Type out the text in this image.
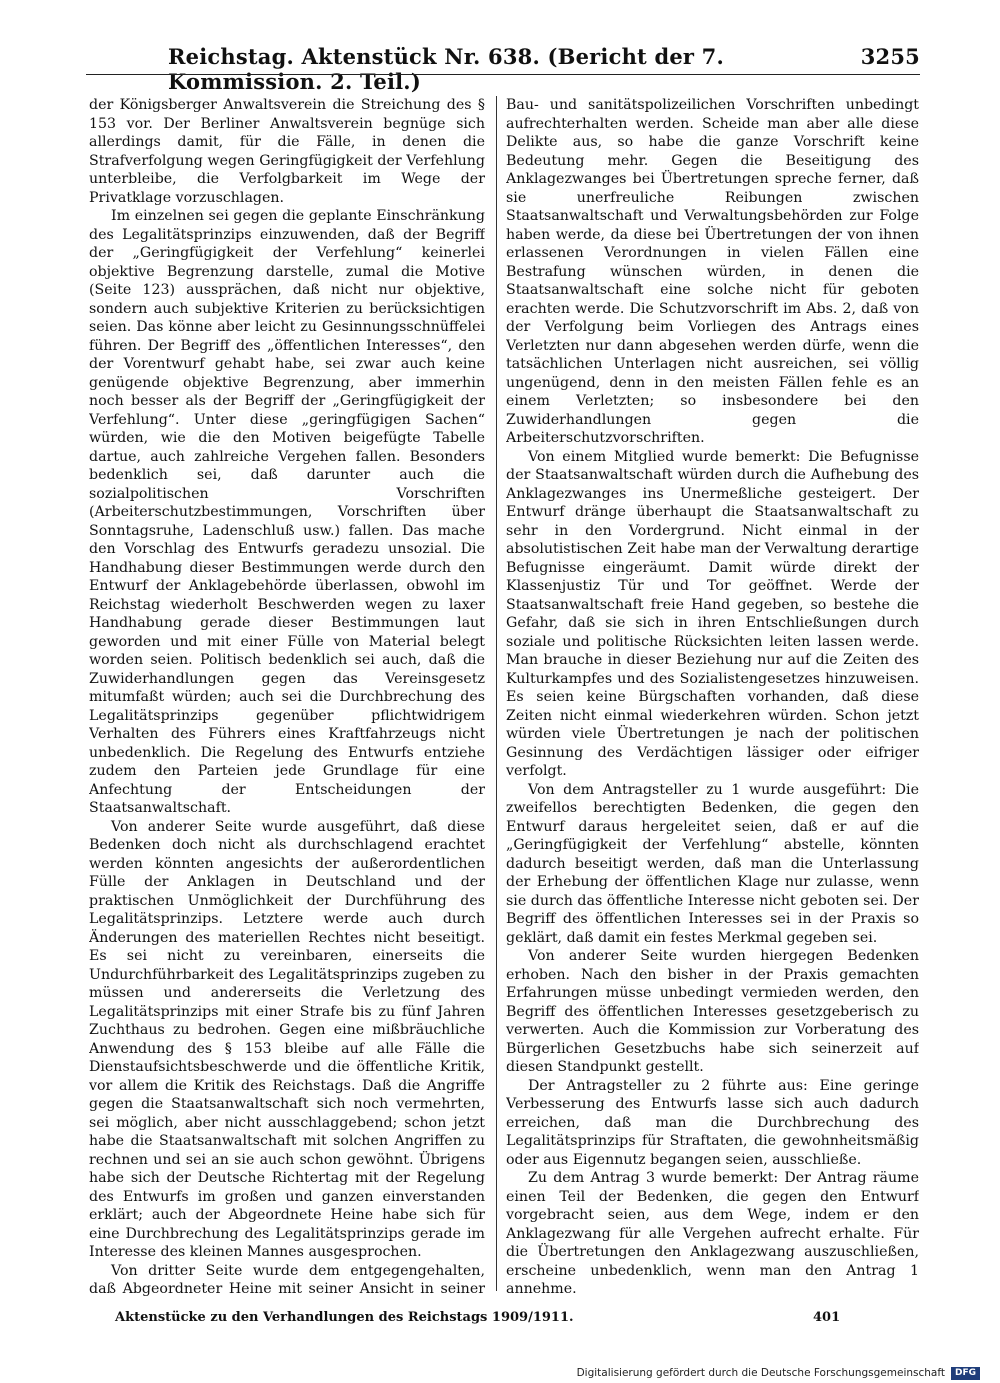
Reichstag. Aktenstück Nr. 638. (Bericht der 7. Kommission. 2. Teil.)
3255

der Königsberger Anwaltsverein die Streichung des § 153 vor. Der Berliner Anwaltsverein begnüge sich allerdings damit, für die Fälle, in denen die Strafverfolgung wegen Geringfügigkeit der Verfehlung unterbleibe, die Verfolgbarkeit im Wege der Privatklage vorzuschlagen.

Im einzelnen sei gegen die geplante Einschränkung des Legalitätsprinzips einzuwenden, daß der Begriff der „Geringfügigkeit der Verfehlung“ keinerlei objektive Begrenzung darstelle, zumal die Motive (Seite 123) aussprächen, daß nicht nur objektive, sondern auch subjektive Kriterien zu berücksichtigen seien. Das könne aber leicht zu Gesinnungsschnüffelei führen. Der Begriff des „öffentlichen Interesses“, den der Vorentwurf gehabt habe, sei zwar auch keine genügende objektive Begrenzung, aber immerhin noch besser als der Begriff der „Geringfügigkeit der Verfehlung“. Unter diese „geringfügigen Sachen“ würden, wie die den Motiven beigefügte Tabelle dartue, auch zahlreiche Vergehen fallen. Besonders bedenklich sei, daß darunter auch die sozialpolitischen Vorschriften (Arbeiterschutzbestimmungen, Vorschriften über Sonntagsruhe, Ladenschluß usw.) fallen. Das mache den Vorschlag des Entwurfs geradezu unsozial. Die Handhabung dieser Bestimmungen werde durch den Entwurf der Anklagebehörde überlassen, obwohl im Reichstag wiederholt Beschwerden wegen zu laxer Handhabung gerade dieser Bestimmungen laut geworden und mit einer Fülle von Material belegt worden seien. Politisch bedenklich sei auch, daß die Zuwiderhandlungen gegen das Vereinsgesetz mitumfaßt würden; auch sei die Durchbrechung des Legalitätsprinzips gegenüber pflichtwidrigem Verhalten des Führers eines Kraftfahrzeugs nicht unbedenklich. Die Regelung des Entwurfs entziehe zudem den Parteien jede Grundlage für eine Anfechtung der Entscheidungen der Staatsanwaltschaft.

Von anderer Seite wurde ausgeführt, daß diese Bedenken doch nicht als durchschlagend erachtet werden könnten angesichts der außerordentlichen Fülle der Anklagen in Deutschland und der praktischen Unmöglichkeit der Durchführung des Legalitätsprinzips. Letztere werde auch durch Änderungen des materiellen Rechtes nicht beseitigt. Es sei nicht zu vereinbaren, einerseits die Undurchführbarkeit des Legalitätsprinzips zugeben zu müssen und andererseits die Verletzung des Legalitätsprinzips mit einer Strafe bis zu fünf Jahren Zuchthaus zu bedrohen. Gegen eine mißbräuchliche Anwendung des § 153 bleibe auf alle Fälle die Dienstaufsichtsbeschwerde und die öffentliche Kritik, vor allem die Kritik des Reichstags. Daß die Angriffe gegen die Staatsanwaltschaft sich noch vermehrten, sei möglich, aber nicht ausschlaggebend; schon jetzt habe die Staatsanwaltschaft mit solchen Angriffen zu rechnen und sei an sie auch schon gewöhnt. Übrigens habe sich der Deutsche Richtertag mit der Regelung des Entwurfs im großen und ganzen einverstanden erklärt; auch der Abgeordnete Heine habe sich für eine Durchbrechung des Legalitätsprinzips gerade im Interesse des kleinen Mannes ausgesprochen.

Von dritter Seite wurde dem entgegengehalten, daß Abgeordneter Heine mit seiner Ansicht in seiner

Bau- und sanitätspolizeilichen Vorschriften unbedingt aufrechterhalten werden. Scheide man aber alle diese Delikte aus, so habe die ganze Vorschrift keine Bedeutung mehr. Gegen die Beseitigung des Anklagezwanges bei Übertretungen spreche ferner, daß sie unerfreuliche Reibungen zwischen Staatsanwaltschaft und Verwaltungsbehörden zur Folge haben werde, da diese bei Übertretungen der von ihnen erlassenen Verordnungen in vielen Fällen eine Bestrafung wünschen würden, in denen die Staatsanwaltschaft eine solche nicht für geboten erachten werde. Die Schutzvorschrift im Abs. 2, daß von der Verfolgung beim Vorliegen des Antrags eines Verletzten nur dann abgesehen werden dürfe, wenn die tatsächlichen Unterlagen nicht ausreichen, sei völlig ungenügend, denn in den meisten Fällen fehle es an einem Verletzten; so insbesondere bei den Zuwiderhandlungen gegen die Arbeiterschutzvorschriften.

Von einem Mitglied wurde bemerkt: Die Befugnisse der Staatsanwaltschaft würden durch die Aufhebung des Anklagezwanges ins Unermeßliche gesteigert. Der Entwurf dränge überhaupt die Staatsanwaltschaft zu sehr in den Vordergrund. Nicht einmal in der absolutistischen Zeit habe man der Verwaltung derartige Befugnisse eingeräumt. Damit würde direkt der Klassenjustiz Tür und Tor geöffnet. Werde der Staatsanwaltschaft freie Hand gegeben, so bestehe die Gefahr, daß sie sich in ihren Entschließungen durch soziale und politische Rücksichten leiten lassen werde. Man brauche in dieser Beziehung nur auf die Zeiten des Kulturkampfes und des Sozialistengesetzes hinzuweisen. Es seien keine Bürgschaften vorhanden, daß diese Zeiten nicht einmal wiederkehren würden. Schon jetzt würden viele Übertretungen je nach der politischen Gesinnung des Verdächtigen lässiger oder eifriger verfolgt.

Von dem Antragsteller zu 1 wurde ausgeführt: Die zweifellos berechtigten Bedenken, die gegen den Entwurf daraus hergeleitet seien, daß er auf die „Geringfügigkeit der Verfehlung“ abstelle, könnten dadurch beseitigt werden, daß man die Unterlassung der Erhebung der öffentlichen Klage nur zulasse, wenn sie durch das öffentliche Interesse nicht geboten sei. Der Begriff des öffentlichen Interesses sei in der Praxis so geklärt, daß damit ein festes Merkmal gegeben sei.

Von anderer Seite wurden hiergegen Bedenken erhoben. Nach den bisher in der Praxis gemachten Erfahrungen müsse unbedingt vermieden werden, den Begriff des öffentlichen Interesses gesetzgeberisch zu verwerten. Auch die Kommission zur Vorberatung des Bürgerlichen Gesetzbuchs habe sich seinerzeit auf diesen Standpunkt gestellt.

Der Antragsteller zu 2 führte aus: Eine geringe Verbesserung des Entwurfs lasse sich auch dadurch erreichen, daß man die Durchbrechung des Legalitätsprinzips für Straftaten, die gewohnheitsmäßig oder aus Eigennutz begangen seien, ausschließe.

Zu dem Antrag 3 wurde bemerkt: Der Antrag räume einen Teil der Bedenken, die gegen den Entwurf vorgebracht seien, aus dem Wege, indem er den Anklagezwang für alle Vergehen aufrecht erhalte. Für die Übertretungen den Anklagezwang auszuschließen, erscheine unbedenklich, wenn man den Antrag 1 annehme.

Aktenstücke zu den Verhandlungen des Reichstags 1909/1911.	401
Digitalisierung gefördert durch die Deutsche Forschungsgemeinschaft	DFG
